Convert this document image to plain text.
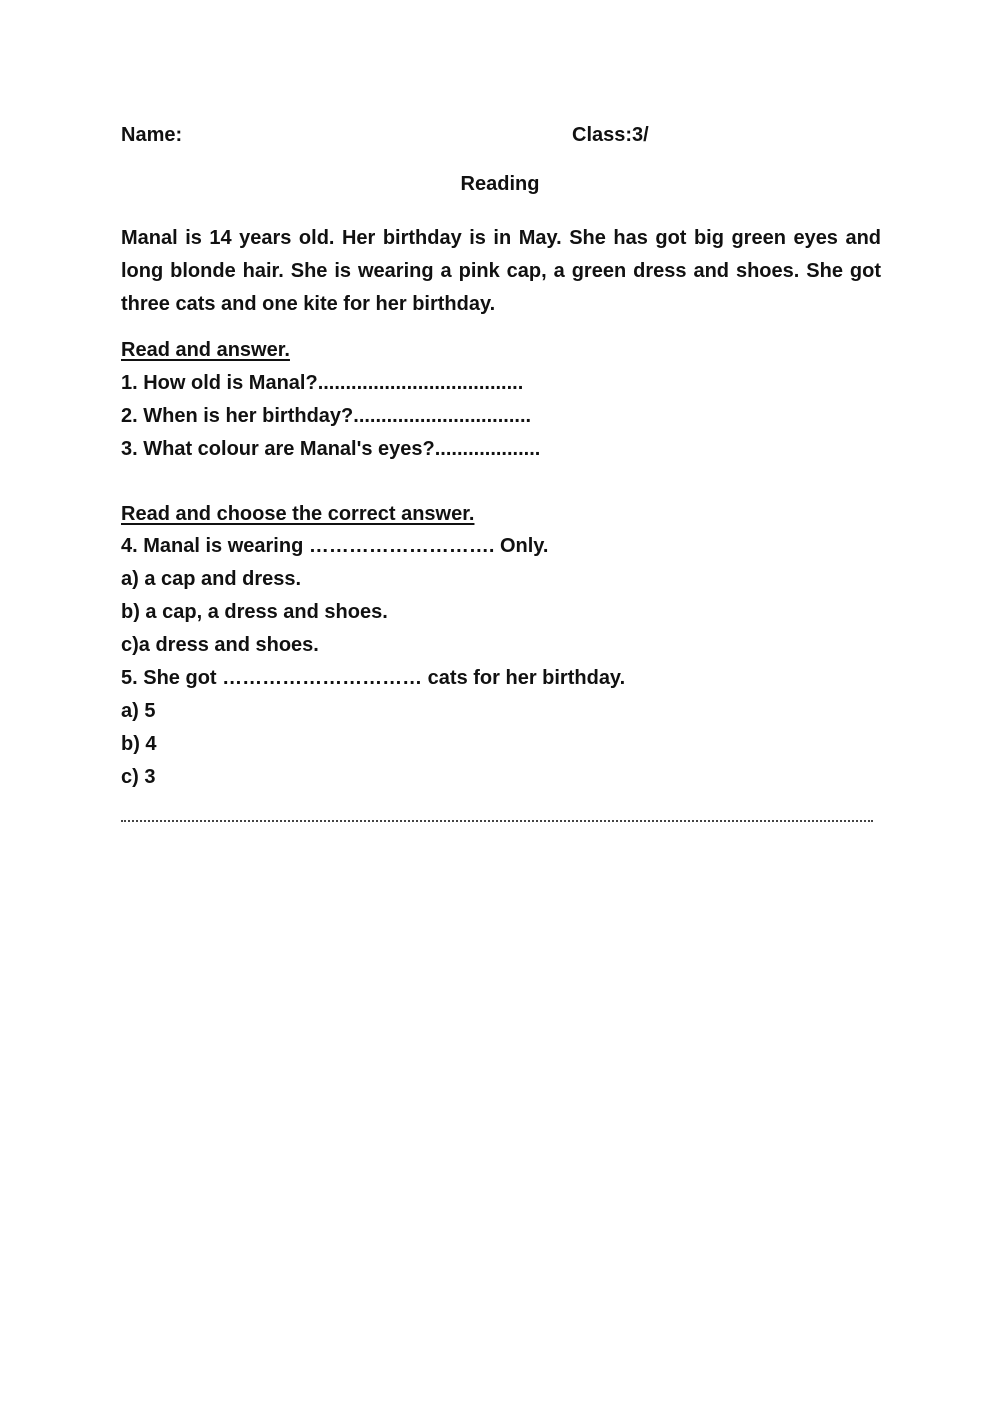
Name:	Class:3/
Reading
Manal is 14 years old. Her birthday is in May. She has got big green eyes and long blonde hair. She is wearing a pink cap, a green dress and shoes. She got three cats and one kite for her birthday.
Read and answer.
1. How old is Manal?.....................................
2. When is her birthday?................................
3. What colour are Manal's eyes?...................
Read and choose the correct answer.
4. Manal is wearing ………………………. Only.
a) a cap and dress.
b) a cap, a dress and shoes.
c)a dress and shoes.
5. She got ………………………… cats for her birthday.
a) 5
b) 4
c) 3
